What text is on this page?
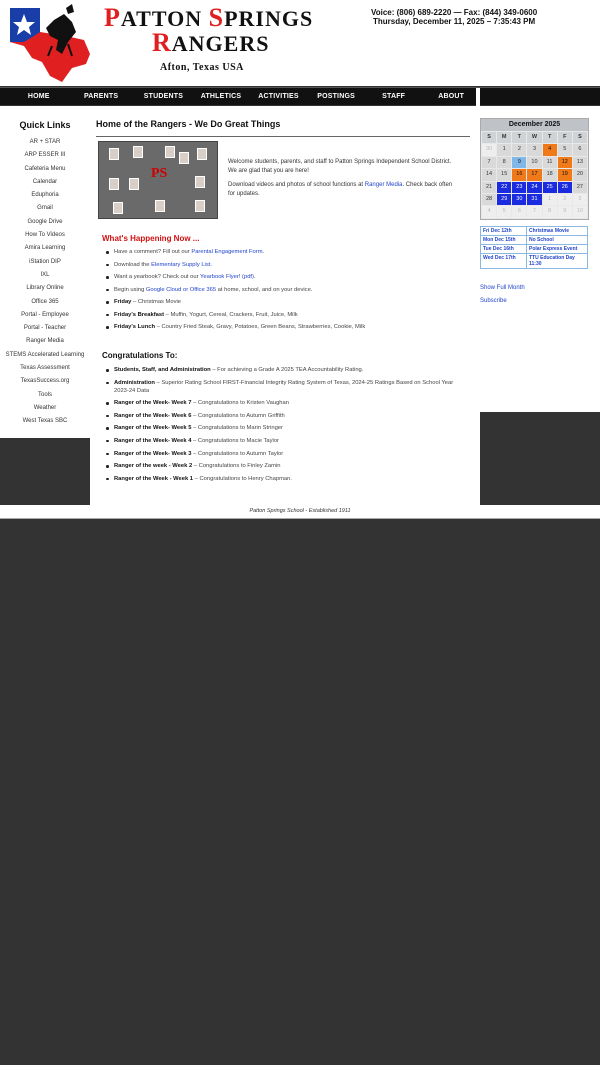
PATTON SPRINGS
RANGERS
Afton, Texas USA
Voice: (806) 689-2220 — Fax: (844) 349-0600
Thursday, December 11, 2025 – 7:35:43 PM
HOME	PARENTS	STUDENTS	ATHLETICS	ACTIVITIES	POSTINGS	STAFF	ABOUT
Quick Links
AR + STAR
ARP ESSER III
Cafeteria Menu
Calendar
Eduphoria
Gmail
Google Drive
How To Videos
Amira Learning
iStation DIP
IXL
Library Online
Office 365
Portal - Employee
Portal - Teacher
Ranger Media
STEMS Accelerated Learning
Texas Assessment
TexasSuccess.org
Tools
Weather
West Texas SBC
Home of the Rangers - We Do Great Things
PS

Welcome students, parents, and staff to Patton Springs Independent School District. We are glad that you are here!

Download videos and photos of school functions at Ranger Media. Check back often for updates.

What's Happening Now ...
Have a comment? Fill out our Parental Engagement Form.
Download the Elementary Supply List.
Want a yearbook? Check out our Yearbook Flyer! (pdf).
Begin using Google Cloud or Office 365 at home, school, and on your device.
Friday – Christmas Movie
Friday's Breakfast – Muffin, Yogurt, Cereal, Crackers, Fruit, Juice, Milk
Friday's Lunch – Country Fried Steak, Gravy, Potatoes, Green Beans, Strawberries, Cookie, Milk
Congratulations To:
Students, Staff, and Administration – For achieving a Grade A 2025 TEA Accountability Rating.
Administration – Superior Rating School FIRST-Financial Integrity Rating System of Texas, 2024-25 Ratings Based on School Year 2023-24 Data
Ranger of the Week- Week 7 – Congratulations to Kristen Vaughan
Ranger of the Week- Week 6 – Congratulations to Autumn Griffith
Ranger of the Week- Week 5 – Congratulations to Marin Stringer
Ranger of the Week- Week 4 – Congratulations to Macie Taylor
Ranger of the Week- Week 3 – Congratulations to Autumn Taylor
Ranger of the week - Week 2 – Congratulations to Finley Zamin
Ranger of the Week - Week 1 – Congratulations to Henry Chapman.
December 2025
S	M	T	W	T	F	S
30	1	2	3	4	5	6
7	8	9	10	11	12	13
14	15	16	17	18	19	20
21	22	23	24	25	26	27
28	29	30	31	1	2	3
4	5	6	7	8	9	10
Fri Dec 12th	Christmas Movie
Mon Dec 15th	No School
Tue Dec 16th	Polar Express Event
Wed Dec 17th	TTU Education Day 11:30
Show Full Month
Subscribe
Patton Springs School - Established 1911
